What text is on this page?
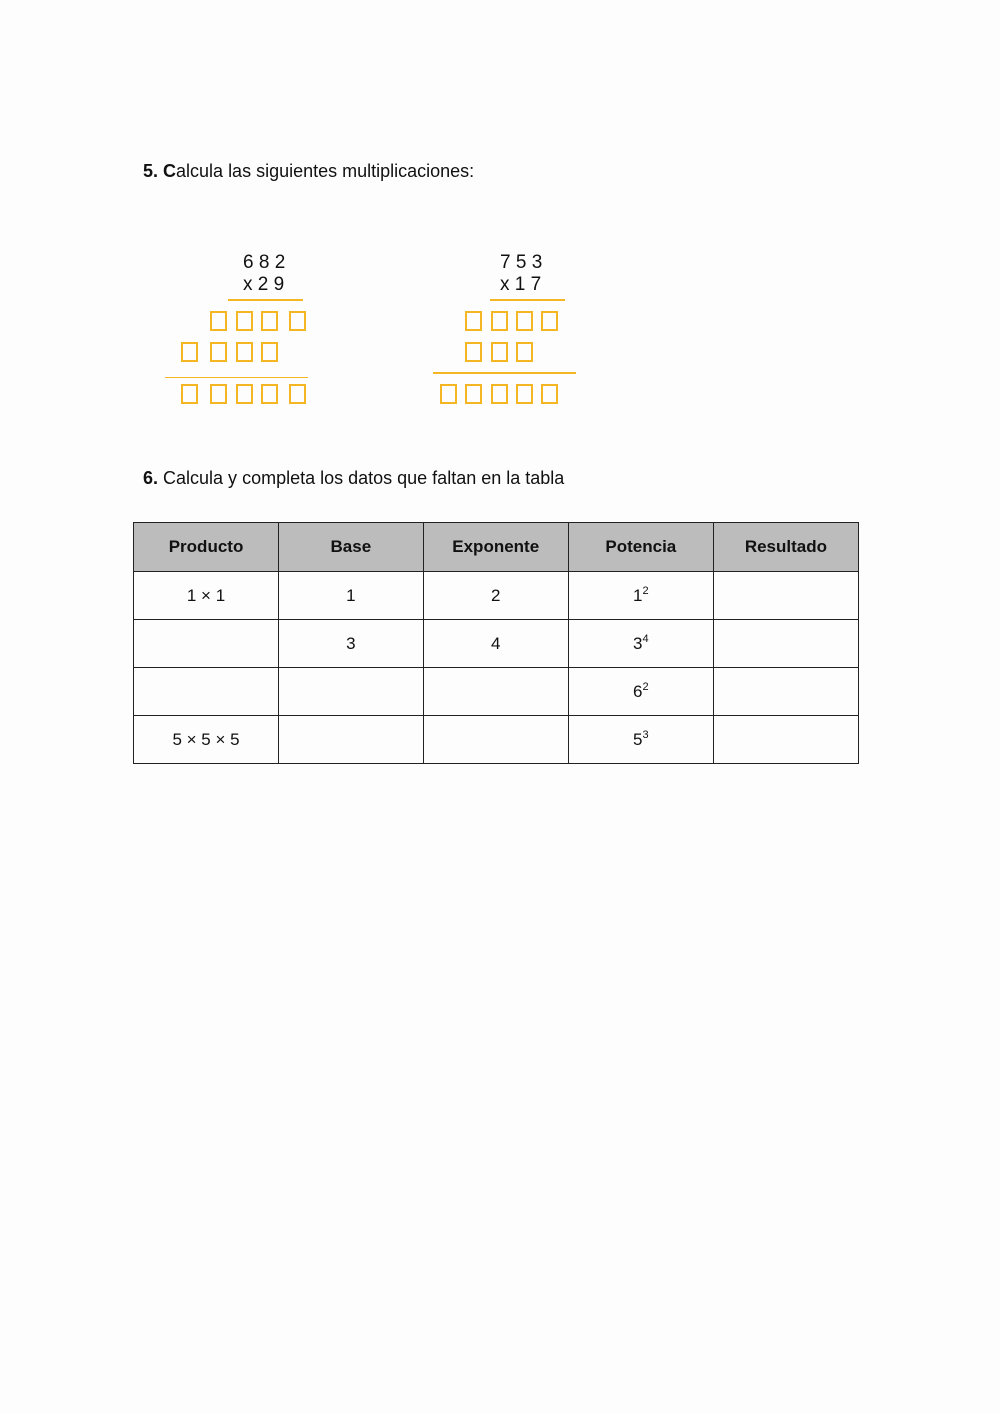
5. Calcula las siguientes multiplicaciones:
6 8 2
x 2 9
7 5 3
x 1 7
6. Calcula y completa los datos que faltan en la tabla
Producto	Base	Exponente	Potencia	Resultado
1 × 1	1	2	$1^2$	
	3	4	$3^4$	
			$6^2$	
5 × 5 × 5			$5^3$	
